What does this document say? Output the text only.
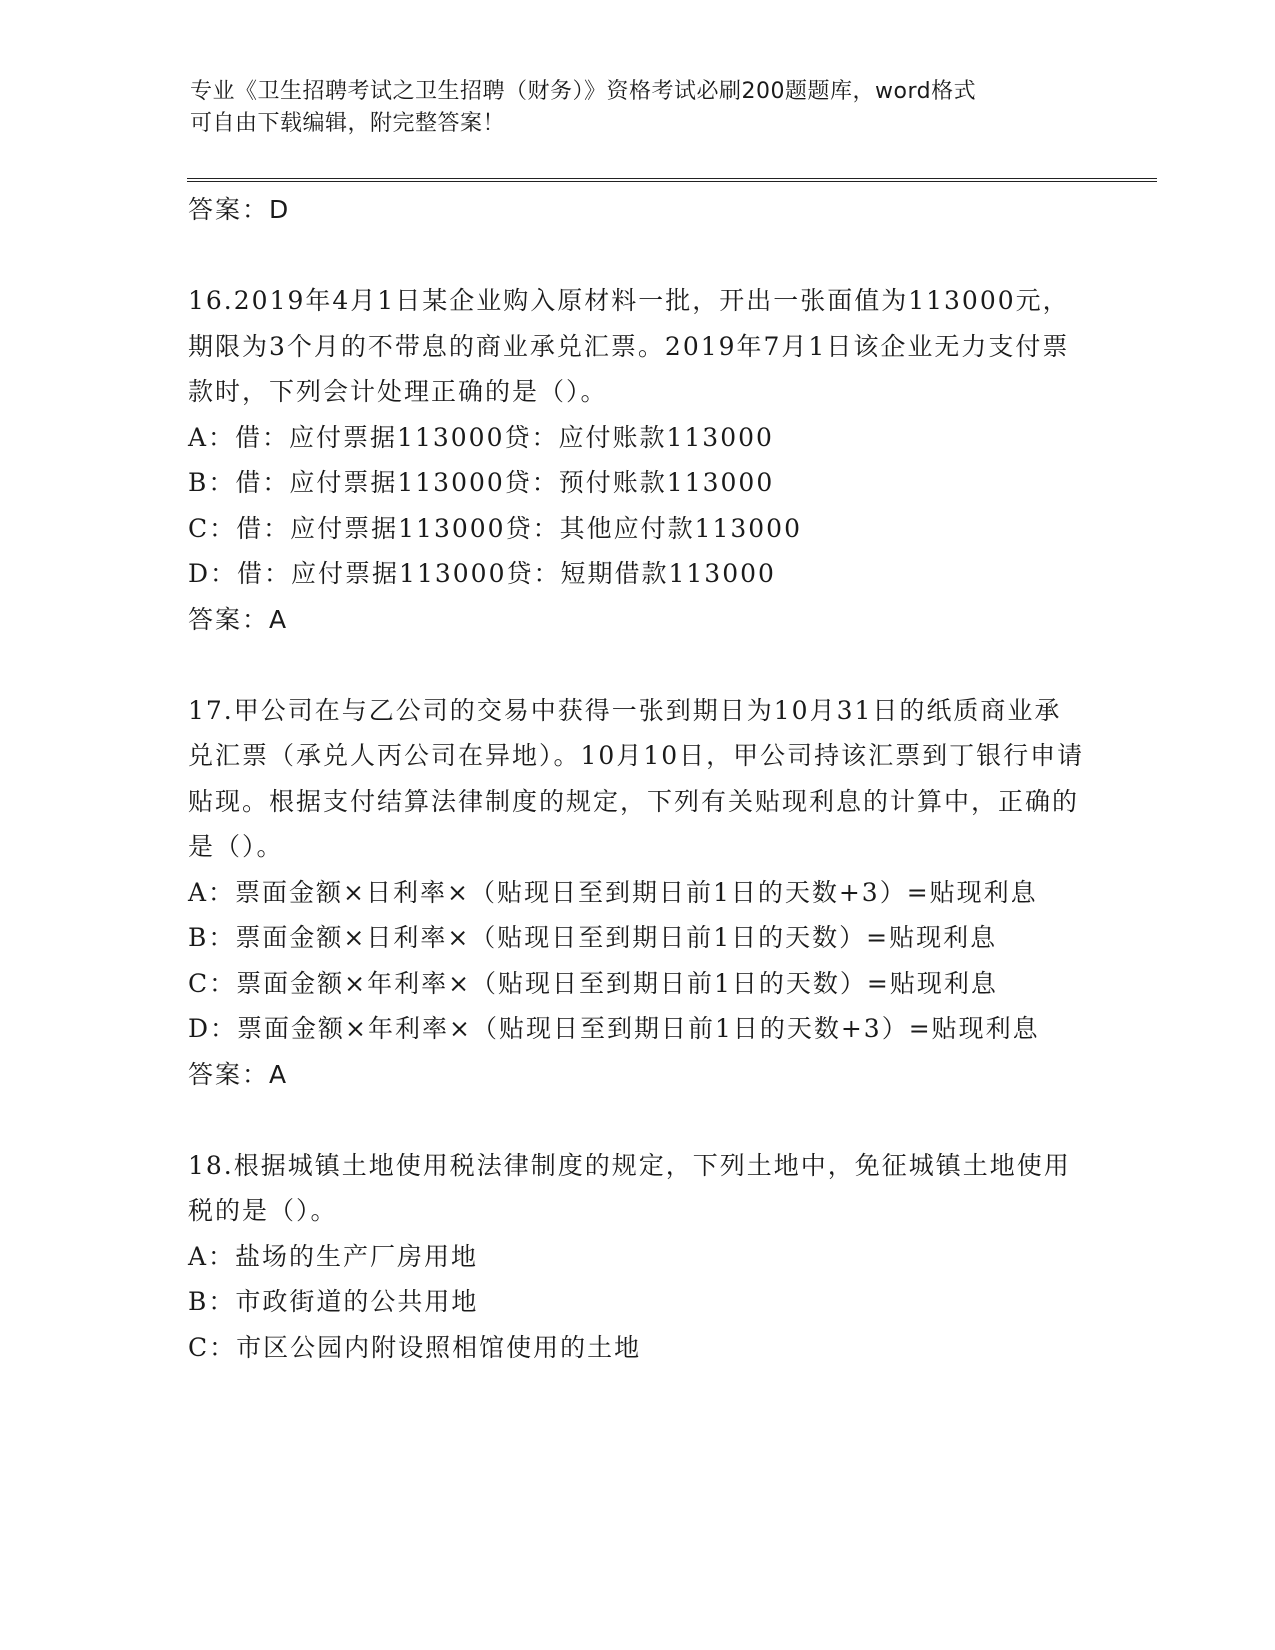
专业《卫生招聘考试之卫生招聘（财务）》资格考试必刷200题题库，word格式
可自由下载编辑，附完整答案！

答案：D

16.2019年4月1日某企业购入原材料一批，开出一张面值为113000元，期限为3个月的不带息的商业承兑汇票。2019年7月1日该企业无力支付票款时，下列会计处理正确的是（）。

A：借：应付票据113000贷：应付账款113000

B：借：应付票据113000贷：预付账款113000

C：借：应付票据113000贷：其他应付款113000

D：借：应付票据113000贷：短期借款113000

答案：A

17.甲公司在与乙公司的交易中获得一张到期日为10月31日的纸质商业承兑汇票（承兑人丙公司在异地）。10月10日，甲公司持该汇票到丁银行申请贴现。根据支付结算法律制度的规定，下列有关贴现利息的计算中，正确的是（）。

A：票面金额×日利率×（贴现日至到期日前1日的天数+3）=贴现利息

B：票面金额×日利率×（贴现日至到期日前1日的天数）=贴现利息

C：票面金额×年利率×（贴现日至到期日前1日的天数）=贴现利息

D：票面金额×年利率×（贴现日至到期日前1日的天数+3）=贴现利息

答案：A

18.根据城镇土地使用税法律制度的规定，下列土地中，免征城镇土地使用税的是（）。

A：盐场的生产厂房用地

B：市政街道的公共用地

C：市区公园内附设照相馆使用的土地
